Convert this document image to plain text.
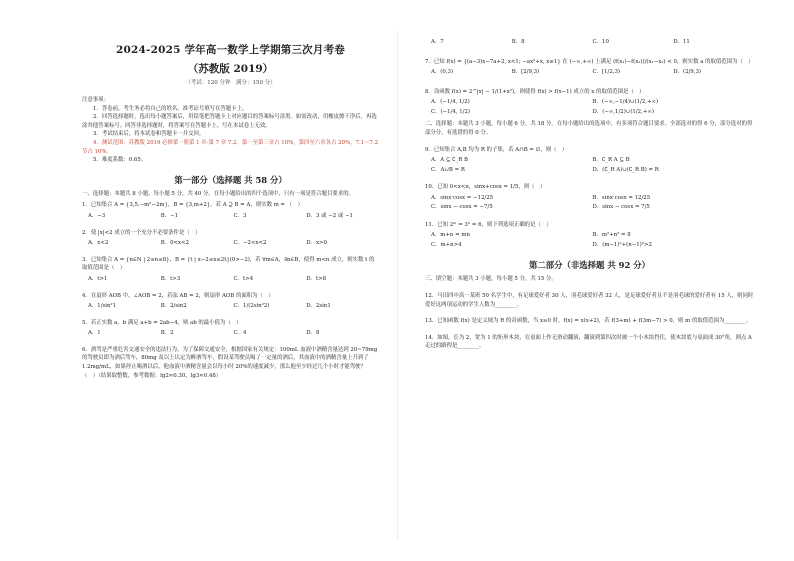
2024-2025 学年高一数学上学期第三次月考卷

（苏教版 2019）

（考试：120 分钟　满分：150 分）

注意事项：

1．答卷前，考生务必将自己的姓名、准考证号填写在答题卡上。

2．回答选择题时，选出每小题答案后，用铅笔把答题卡上对应题目的答案标号涂黑。如需改动，用橡皮擦干净后，再选涂其他答案标号。回答非选择题时，将答案写在答题卡上。写在本试卷上无效。

3．考试结束后，将本试卷和答题卡一并交回。

4．测试范围：苏教版 2019 必修第一册第 1 章-第 7 章 7.2。第一至第三章占 10%，第四至六章各占 20%，7.1～7.2 节占 10%。

5．难度系数：0.65。

第一部分（选择题 共 58 分）

一、选择题：本题共 8 小题，每小题 5 分，共 40 分。在每小题给出的四个选项中，只有一项是符合题目要求的。

1．已知集合 A = {3,5,−m²−2m}，B = {3,m+2}，若 A ⊇ B = A，则实数 m = （　）

A．−3	B．−1	C．3	D．3 或 −2 或 −1

2．使 |x|<2 成立的一个充分不必要条件是（　）

A．x<2	B．0<x<2	C．−2<x<2	D．x>0

3．已知集合 A = {n∈N | 2≤n≤8}，B = {t | x−2≤x≤2t}(0>−2)，若 ∀m∈A，∃n∈B，使得 m<n 成立，则实数 t 的取值范围是（　）

A．t>1	B．t>3	C．t>4	D．t>8

4．在扇形 AOB 中，∠AOB = 2，若弦 AB = 2，则扇形 AOB 的面积为（　）

A．1/sin²1	B．2/sin2	C．1/(2sin²2)	D．2sin1

5．若正实数 a，b 满足 a+b = 2ab−4，则 ab 的最小值为（　）

A．1	B．2	C．4	D．8

6．酒驾是严重危害交通安全的违法行为，为了保障交通安全，根据国家有关规定：100mL 血液中酒精含量达到 20~79mg 的驾驶员即为酒后驾车，80mg 及以上认定为醉酒驾车，假设某驾驶员喝了一定量的酒后，其血液中的酒精含量上升到了 1.2mg/mL，如果停止喝酒以后，他血液中酒精含量会以每小时 20%的速度减少，那么他至少经过几个小时才能驾驶？（　）（结果取整数，参考数据：lg2≈0.30，lg3≈0.48）

A．7	B．8	C．10	D．11

7．已知 f(x) = {(a−3)x−7a+2, x<1; −ax²+x, x≥1} 在 (−∞,+∞) 上满足 (f(x₁)−f(x₂))/(x₁−x₂) < 0，则实数 a 的取值范围为（　）

A．(0,3)	B．[2/9,3)	C．[1/2,3)	D．(2/9,3)

8．设函数 f(x) = 2^|x| − 1/(1+x²)，则使得 f(x) > f(x−1) 成立的 x 的取值范围是（　）

A．(−1/4, 1/2)	B．(−∞,−1/4)∪(1/2,+∞)
C．(−1/4, 1/2)	D．(−∞,1/2)∪(1/2,+∞)

二、选择题：本题共 3 小题，每小题 6 分，共 18 分。在每小题给出的选项中，有多项符合题目要求。全部选对的得 6 分，部分选对的得部分分，有选错的得 0 分。

9．已知集合 A,B 均为 R 的子集，若 A∩B = ∅，则（　）

A．A ⊆ ∁_R B	B．∁_R A ⊆ B
C．A∪B = R	D．(∁_R A)∪(∁_R B) = R

10．已知 0<x<π，sinx+cosx = 1/5，则（　）

A．sinx·cosx = −12/25	B．sinx·cosx = 12/25
C．sinx − cosx = −7/5	D．sinx − cosx = 7/5

11．已知 2ᵐ = 3ⁿ = 6，则下列选项正确的是（　）

A．m+n = mn	B．m²+n² = 8
C．m+n>4	D．(m−1)²+(n−1)²>2
第二部分（非选择题 共 92 分）

三、填空题：本题共 3 小题，每小题 5 分，共 15 分。

12．马田四中高一某班 50 名学生中，有足球爱好者 30 人，羽毛球爱好者 32 人，是足球爱好者且不是羽毛球的爱好者有 15 人，则同时爱好这两项运动的学生人数为________。

13．已知函数 f(x) 是定义域为 R 的奇函数，当 x≥0 时，f(x) = x(x+2)，若 f(3+m) + f(3m−7) > 0，则 m 的取值范围为________。

14．如图，长为 2，宽为 1 的矩形木块，在桌面上作无滑动翻滚，翻滚到第四次时被一个小木块挡住，使木块底与桌面成 30°角，则点 A 走过的路程是________。
